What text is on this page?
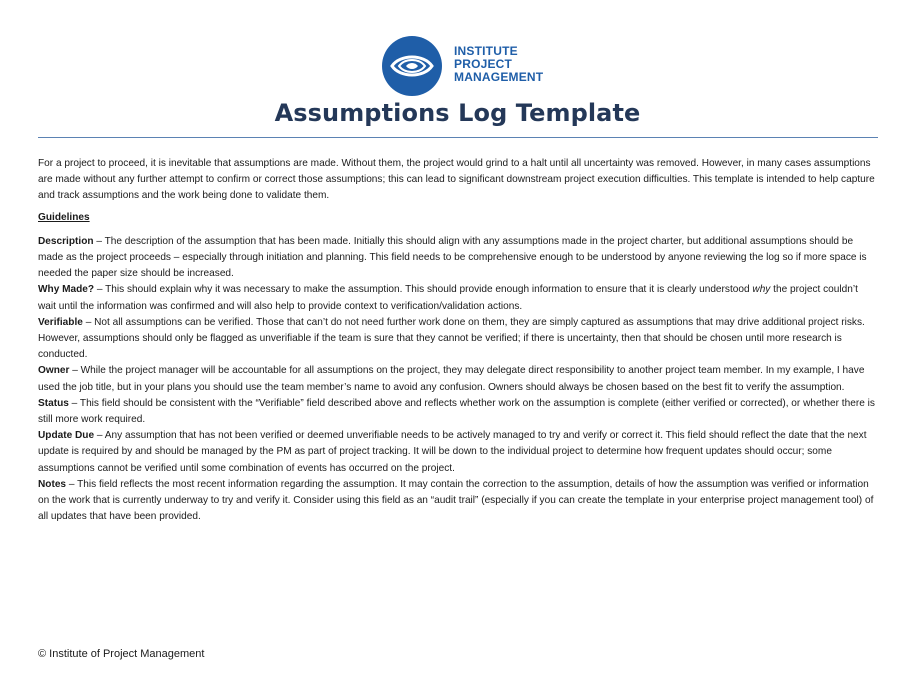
INSTITUTE
PROJECT
MANAGEMENT
Assumptions Log Template

For a project to proceed, it is inevitable that assumptions are made. Without them, the project would grind to a halt until all uncertainty was removed. However, in many cases assumptions are made without any further attempt to confirm or correct those assumptions; this can lead to significant downstream project execution difficulties. This template is intended to help capture and track assumptions and the work being done to validate them.

Guidelines

Description – The description of the assumption that has been made. Initially this should align with any assumptions made in the project charter, but additional assumptions should be made as the project proceeds – especially through initiation and planning. This field needs to be comprehensive enough to be understood by anyone reviewing the log so if more space is needed the paper size should be increased.

Why Made? – This should explain why it was necessary to make the assumption. This should provide enough information to ensure that it is clearly understood why the project couldn’t wait until the information was confirmed and will also help to provide context to verification/validation actions.

Verifiable – Not all assumptions can be verified. Those that can’t do not need further work done on them, they are simply captured as assumptions that may drive additional project risks. However, assumptions should only be flagged as unverifiable if the team is sure that they cannot be verified; if there is uncertainty, then that should be chosen until more research is conducted.

Owner – While the project manager will be accountable for all assumptions on the project, they may delegate direct responsibility to another project team member. In my example, I have used the job title, but in your plans you should use the team member’s name to avoid any confusion. Owners should always be chosen based on the best fit to verify the assumption.

Status – This field should be consistent with the “Verifiable” field described above and reflects whether work on the assumption is complete (either verified or corrected), or whether there is still more work required.

Update Due – Any assumption that has not been verified or deemed unverifiable needs to be actively managed to try and verify or correct it. This field should reflect the date that the next update is required by and should be managed by the PM as part of project tracking. It will be down to the individual project to determine how frequent updates should occur; some assumptions cannot be verified until some combination of events has occurred on the project.

Notes – This field reflects the most recent information regarding the assumption. It may contain the correction to the assumption, details of how the assumption was verified or information on the work that is currently underway to try and verify it. Consider using this field as an “audit trail” (especially if you can create the template in your enterprise project management tool) of all updates that have been provided.

© Institute of Project Management
